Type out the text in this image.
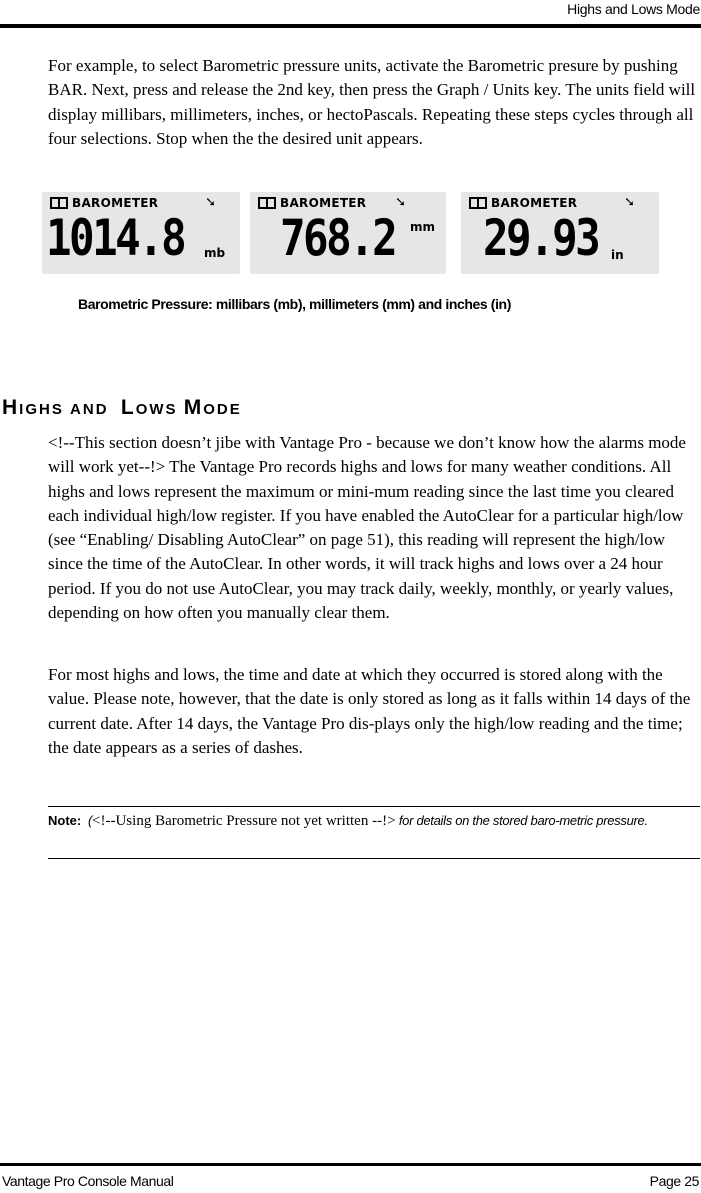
Highs and Lows Mode

For example, to select Barometric pressure units, activate the Barometric presure by pushing BAR. Next, press and release the 2nd key, then press the Graph / Units key. The units field will display millibars, millimeters, inches, or hectoPascals. Repeating these steps cycles through all four selections. Stop when the the desired unit appears.

BAROMETER	➘
1014.8 mb
BAROMETER ➘
768.2 mm
BAROMETER	➘
29.93 in
Barometric Pressure: millibars (mb), millimeters (mm) and inches (in)
HIGHS AND LOWS MODE

<!--This section doesn’t jibe with Vantage Pro - because we don’t know how the alarms mode will work yet--!> The Vantage Pro records highs and lows for many weather conditions. All highs and lows represent the maximum or mini-mum reading since the last time you cleared each individual high/low register. If you have enabled the AutoClear for a particular high/low (see “Enabling/ Disabling AutoClear” on page 51), this reading will represent the high/low since the time of the AutoClear. In other words, it will track highs and lows over a 24 hour period. If you do not use AutoClear, you may track daily, weekly, monthly, or yearly values, depending on how often you manually clear them.

For most highs and lows, the time and date at which they occurred is stored along with the value. Please note, however, that the date is only stored as long as it falls within 14 days of the current date. After 14 days, the Vantage Pro dis-plays only the high/low reading and the time; the date appears as a series of dashes.

Note: (<!--Using Barometric Pressure not yet written --!> for details on the stored baro-metric pressure.
Vantage Pro Console Manual	Page 25
